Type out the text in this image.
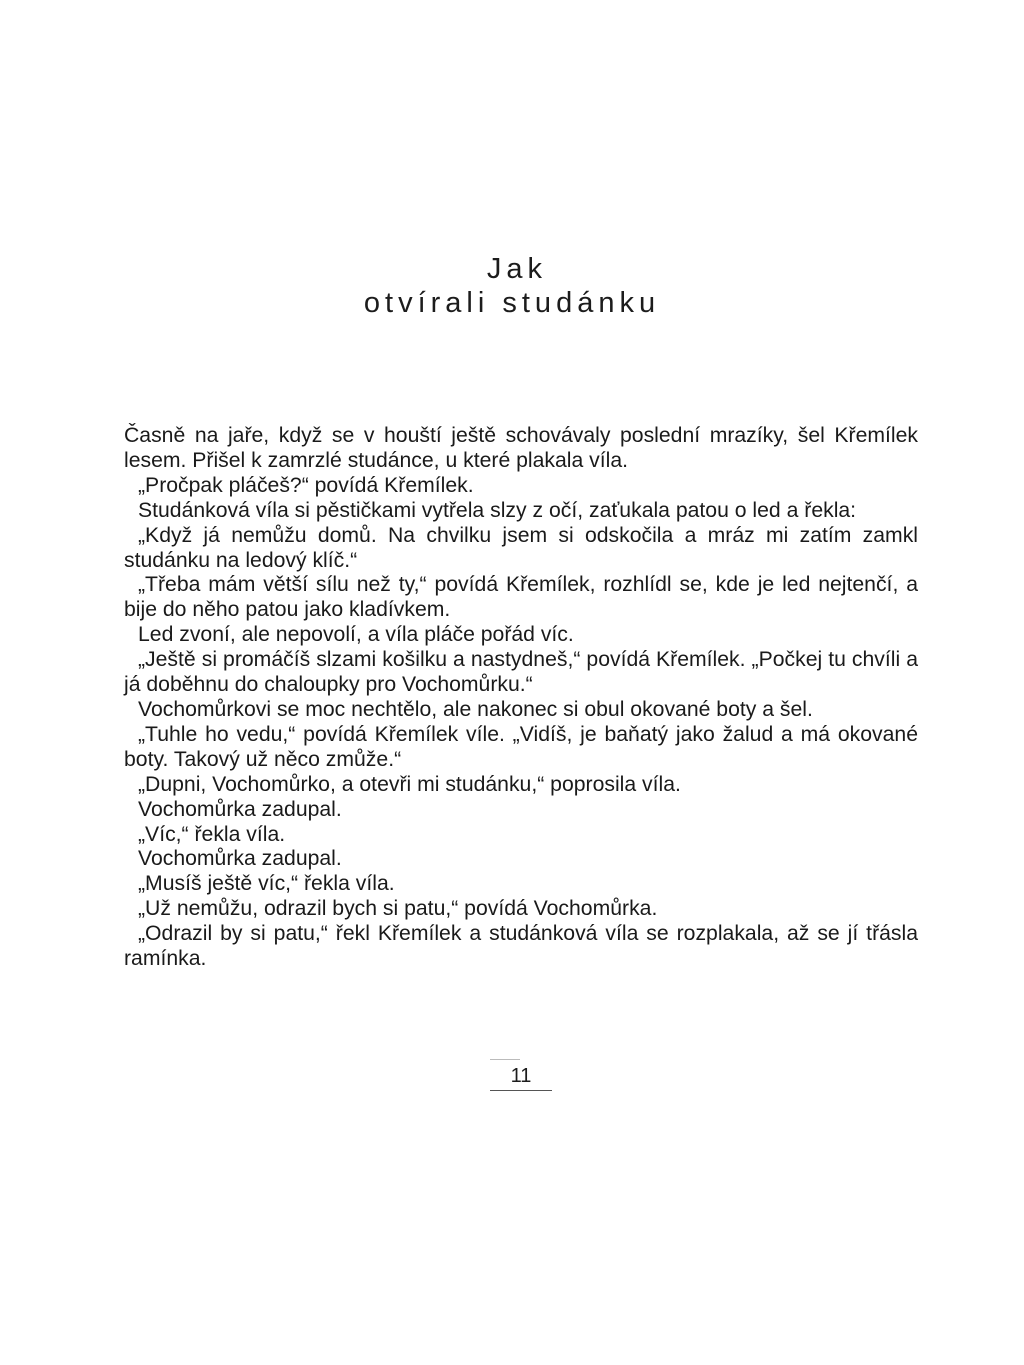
Jak
otvírali studánku

Časně na jaře, když se v houští ještě schovávaly poslední mrazíky, šel Křemílek lesem. Přišel k zamrzlé studánce, u které plakala víla.

„Pročpak pláčeš?“ povídá Křemílek.

Studánková víla si pěstičkami vytřela slzy z očí, zaťukala patou o led a řekla:

„Když já nemůžu domů. Na chvilku jsem si odskočila a mráz mi zatím zamkl studánku na ledový klíč.“

„Třeba mám větší sílu než ty,“ povídá Křemílek, rozhlídl se, kde je led nejtenčí, a bije do něho patou jako kladívkem.

Led zvoní, ale nepovolí, a víla pláče pořád víc.

„Ještě si promáčíš slzami košilku a nastydneš,“ povídá Křemílek. „Počkej tu chvíli a já doběhnu do chaloupky pro Vochomůrku.“

Vochomůrkovi se moc nechtělo, ale nakonec si obul okované boty a šel.

„Tuhle ho vedu,“ povídá Křemílek víle. „Vidíš, je baňatý jako žalud a má okované boty. Takový už něco zmůže.“

„Dupni, Vochomůrko, a otevři mi studánku,“ poprosila víla.

Vochomůrka zadupal.

„Víc,“ řekla víla.

Vochomůrka zadupal.

„Musíš ještě víc,“ řekla víla.

„Už nemůžu, odrazil bych si patu,“ povídá Vochomůrka.

„Odrazil by si patu,“ řekl Křemílek a studánková víla se rozplakala, až se jí třásla ramínka.

11
